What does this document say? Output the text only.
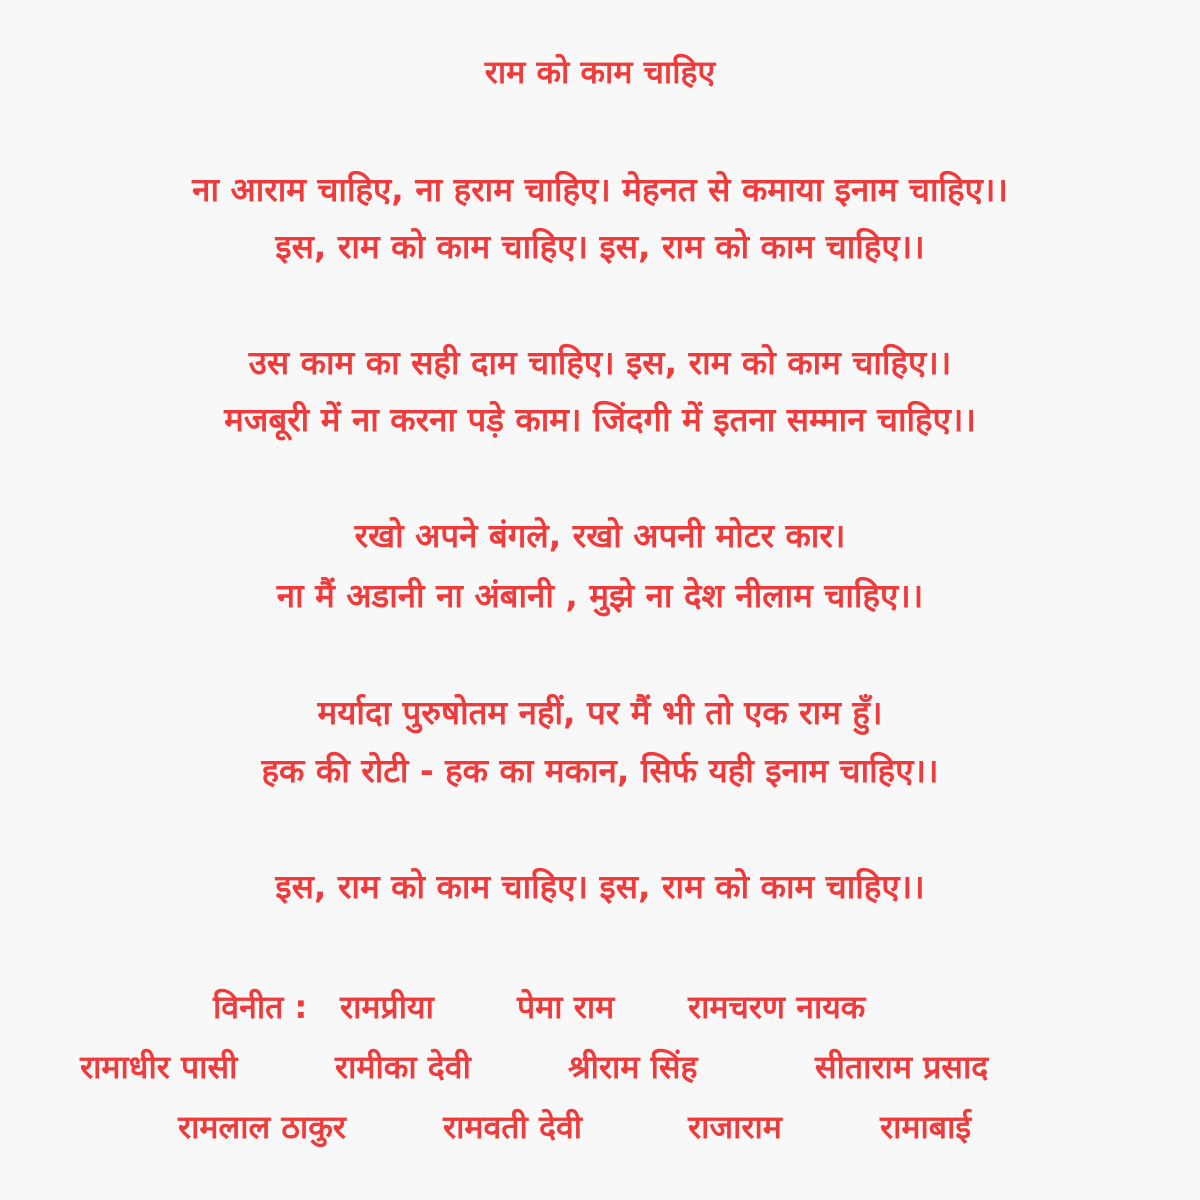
राम को काम चाहिए
ना आराम चाहिए, ना हराम चाहिए। मेहनत से कमाया इनाम चाहिए।।
इस, राम को काम चाहिए। इस, राम को काम चाहिए।।
उस काम का सही दाम चाहिए। इस, राम को काम चाहिए।।
मजबूरी में ना करना पड़े काम। जिंदगी में इतना सम्मान चाहिए।।
रखो अपने बंगले, रखो अपनी मोटर कार।
ना मैं अडानी ना अंबानी , मुझे ना देश नीलाम चाहिए।।
मर्यादा पुरुषोतम नहीं, पर मैं भी तो एक राम हुँ।
हक की रोटी - हक का मकान, सिर्फ यही इनाम चाहिए।।
इस, राम को काम चाहिए। इस, राम को काम चाहिए।।
विनीत : रामप्रीया	पेमा राम रामचरण नायक
रामाधीर पासी	रामीका देवी	श्रीराम सिंह	सीताराम प्रसाद
रामलाल ठाकुर	रामवती देवी	राजाराम	रामाबाई
